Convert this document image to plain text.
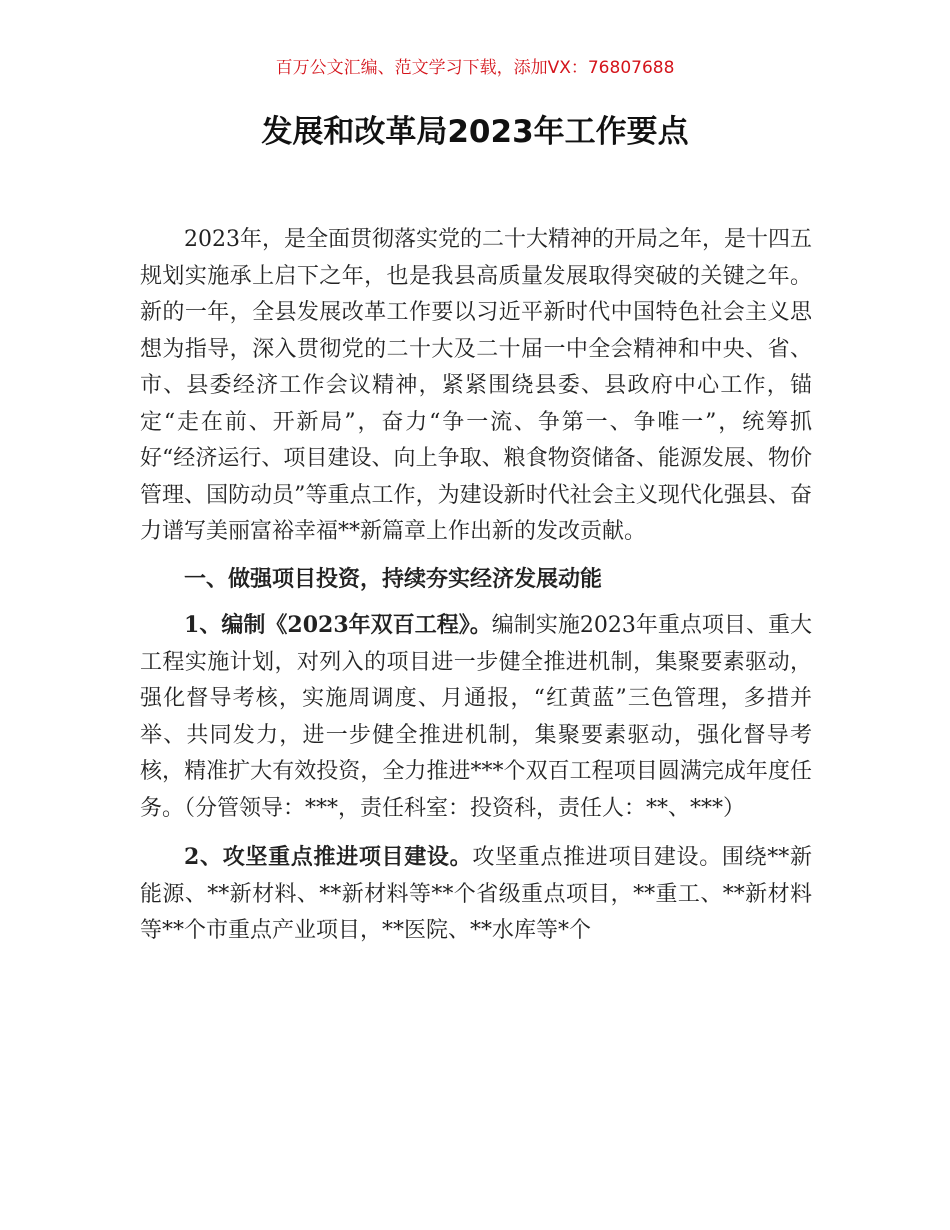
百万公文汇编、范文学习下载，添加VX：76807688
发展和改革局2023年工作要点

2023年，是全面贯彻落实党的二十大精神的开局之年，是十四五规划实施承上启下之年，也是我县高质量发展取得突破的关键之年。新的一年，全县发展改革工作要以习近平新时代中国特色社会主义思想为指导，深入贯彻党的二十大及二十届一中全会精神和中央、省、市、县委经济工作会议精神，紧紧围绕县委、县政府中心工作，锚定“走在前、开新局”，奋力“争一流、争第一、争唯一”，统筹抓好“经济运行、项目建设、向上争取、粮食物资储备、能源发展、物价管理、国防动员”等重点工作，为建设新时代社会主义现代化强县、奋力谱写美丽富裕幸福**新篇章上作出新的发改贡献。

一、做强项目投资，持续夯实经济发展动能

1、编制《2023年双百工程》。编制实施2023年重点项目、重大工程实施计划，对列入的项目进一步健全推进机制，集聚要素驱动，强化督导考核，实施周调度、月通报，“红黄蓝”三色管理，多措并举、共同发力，进一步健全推进机制，集聚要素驱动，强化督导考核，精准扩大有效投资，全力推进***个双百工程项目圆满完成年度任务。（分管领导：***，责任科室：投资科，责任人：**、***）

2、攻坚重点推进项目建设。攻坚重点推进项目建设。围绕**新能源、**新材料、**新材料等**个省级重点项目，**重工、**新材料等**个市重点产业项目，**医院、**水库等*个
